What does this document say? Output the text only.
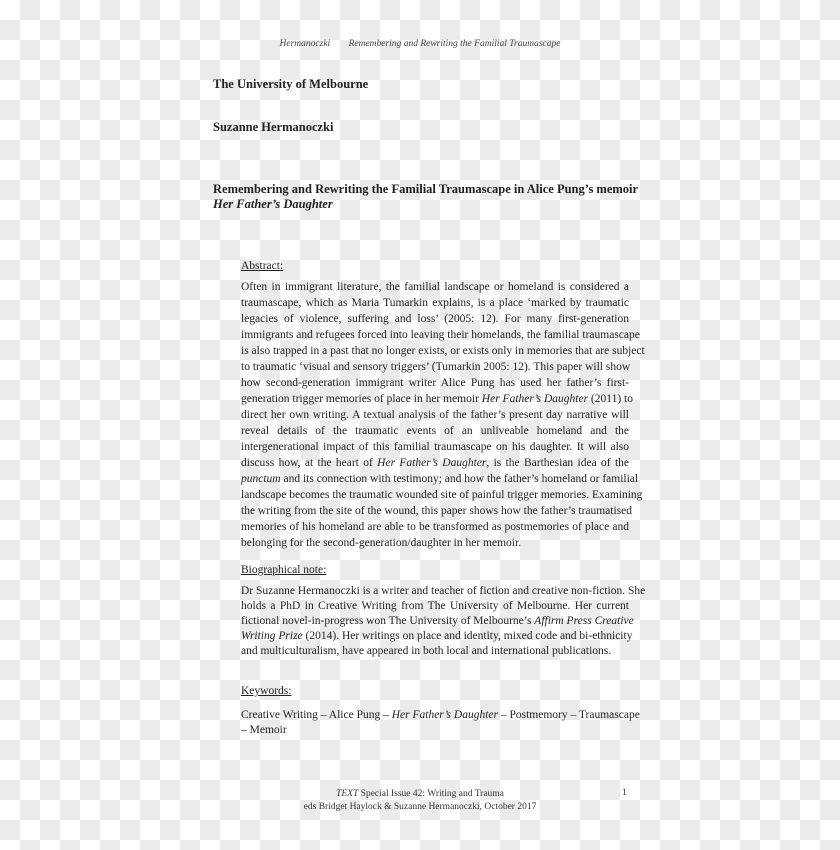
Hermanoczki Remembering and Rewriting the Familial Traumascape
The University of Melbourne
Suzanne Hermanoczki
Remembering and Rewriting the Familial Traumascape in Alice Pung’s memoir
Her Father’s Daughter
Abstract:
Often in immigrant literature, the familial landscape or homeland is considered a
traumascape, which as Maria Tumarkin explains, is a place ‘marked by traumatic
legacies of violence, suffering and loss’ (2005: 12). For many first-generation
immigrants and refugees forced into leaving their homelands, the familial traumascape
is also trapped in a past that no longer exists, or exists only in memories that are subject
to traumatic ‘visual and sensory triggers’ (Tumarkin 2005: 12). This paper will show
how second-generation immigrant writer Alice Pung has used her father’s first-
generation trigger memories of place in her memoir Her Father’s Daughter (2011) to
direct her own writing. A textual analysis of the father’s present day narrative will
reveal details of the traumatic events of an unliveable homeland and the
intergenerational impact of this familial traumascape on his daughter. It will also
discuss how, at the heart of Her Father’s Daughter, is the Barthesian idea of the
punctum and its connection with testimony; and how the father’s homeland or familial
landscape becomes the traumatic wounded site of painful trigger memories. Examining
the writing from the site of the wound, this paper shows how the father’s traumatised
memories of his homeland are able to be transformed as postmemories of place and
belonging for the second-generation/daughter in her memoir.
Biographical note:
Dr Suzanne Hermanoczki is a writer and teacher of fiction and creative non-fiction. She
holds a PhD in Creative Writing from The University of Melbourne. Her current
fictional novel-in-progress won The University of Melbourne’s Affirm Press Creative
Writing Prize (2014). Her writings on place and identity, mixed code and bi-ethnicity
and multiculturalism, have appeared in both local and international publications.
Keywords:
Creative Writing – Alice Pung – Her Father’s Daughter – Postmemory – Traumascape
– Memoir
TEXT Special Issue 42: Writing and Trauma
eds Bridget Haylock & Suzanne Hermanoczki, October 2017
1
